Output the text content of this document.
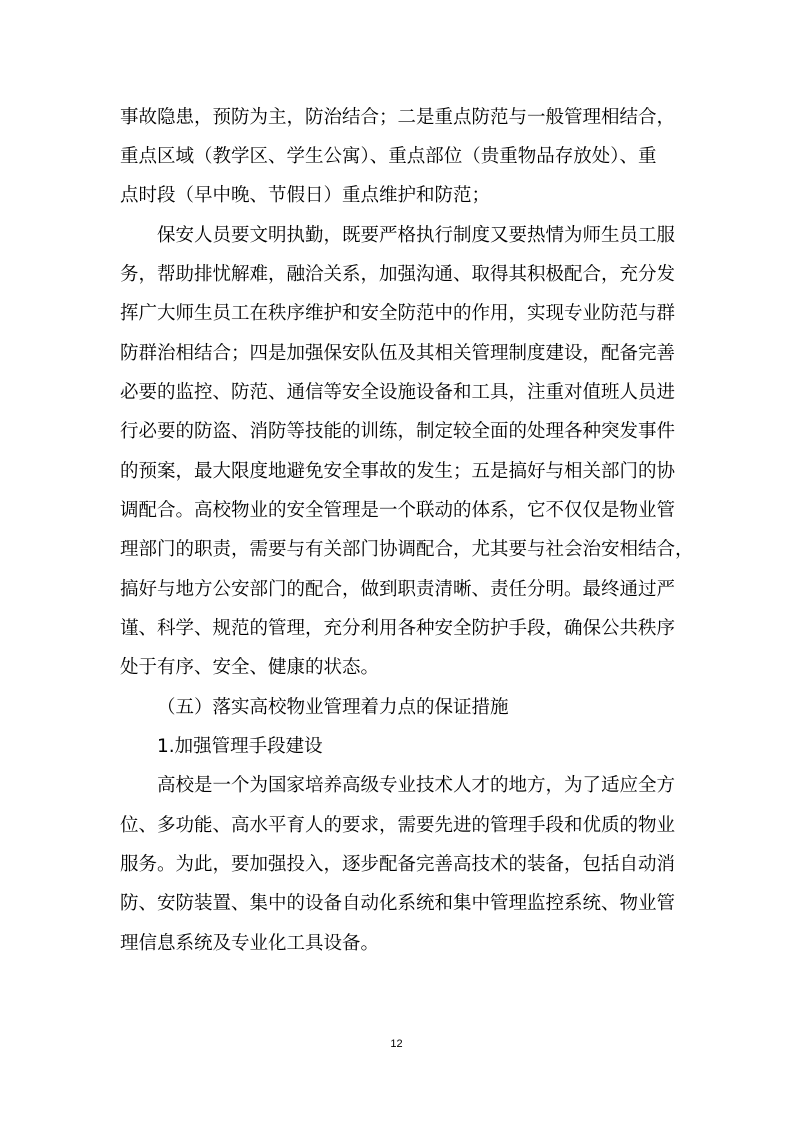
事故隐患，预防为主，防治结合；二是重点防范与一般管理相结合，
重点区域（教学区、学生公寓）、重点部位（贵重物品存放处）、重
点时段（早中晚、节假日）重点维护和防范；
保安人员要文明执勤，既要严格执行制度又要热情为师生员工服
务，帮助排忧解难，融洽关系，加强沟通、取得其积极配合，充分发
挥广大师生员工在秩序维护和安全防范中的作用，实现专业防范与群
防群治相结合；四是加强保安队伍及其相关管理制度建设，配备完善
必要的监控、防范、通信等安全设施设备和工具，注重对值班人员进
行必要的防盗、消防等技能的训练，制定较全面的处理各种突发事件
的预案，最大限度地避免安全事故的发生；五是搞好与相关部门的协
调配合。高校物业的安全管理是一个联动的体系，它不仅仅是物业管
理部门的职责，需要与有关部门协调配合，尤其要与社会治安相结合，
搞好与地方公安部门的配合，做到职责清晰、责任分明。最终通过严
谨、科学、规范的管理，充分利用各种安全防护手段，确保公共秩序
处于有序、安全、健康的状态。
（五）落实高校物业管理着力点的保证措施
1.加强管理手段建设
高校是一个为国家培养高级专业技术人才的地方，为了适应全方
位、多功能、高水平育人的要求，需要先进的管理手段和优质的物业
服务。为此，要加强投入，逐步配备完善高技术的装备，包括自动消
防、安防装置、集中的设备自动化系统和集中管理监控系统、物业管
理信息系统及专业化工具设备。
12
